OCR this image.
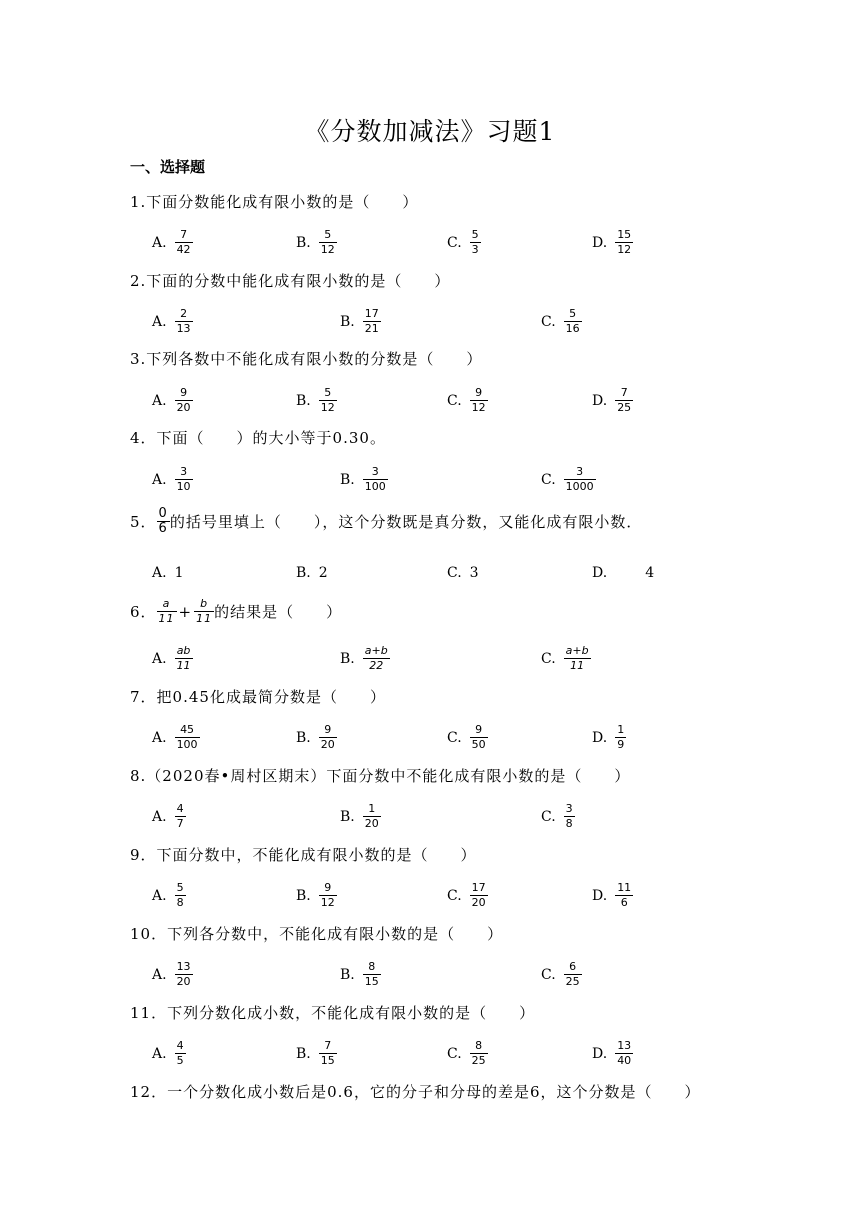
《分数加减法》习题1
一、选择题
1.下面分数能化成有限小数的是（　　）
A. $\frac{7}{42}$	B. $\frac{5}{12}$	C. $\frac{5}{3}$	D. $\frac{15}{12}$
2.下面的分数中能化成有限小数的是（　　）
A. $\frac{2}{13}$	B. $\frac{17}{21}$	C. $\frac{5}{16}$
3.下列各数中不能化成有限小数的分数是（　　）
A. $\frac{9}{20}$	B. $\frac{5}{12}$	C. $\frac{9}{12}$	D. $\frac{7}{25}$
4．下面（　　）的大小等于0.30。
A. $\frac{3}{10}$	B. $\frac{3}{100}$	C. $\frac{3}{1000}$
5． $\frac{0}{6}$ 的括号里填上（　　），这个分数既是真分数，又能化成有限小数．
A. 1	B. 2	C. 3	D.	4
6． $\frac{a}{11} + \frac{b}{11}$ 的结果是（　　）
A. $\frac{ab}{11}$	B. $\frac{a+b}{22}$	C. $\frac{a+b}{11}$
7．把0.45化成最简分数是（　　）
A. $\frac{45}{100}$	B. $\frac{9}{20}$	C. $\frac{9}{50}$	D. $\frac{1}{9}$
8.（2020春•周村区期末）下面分数中不能化成有限小数的是（　　）
A. $\frac{4}{7}$	B. $\frac{1}{20}$	C. $\frac{3}{8}$
9．下面分数中，不能化成有限小数的是（　　）
A. $\frac{5}{8}$	B. $\frac{9}{12}$	C. $\frac{17}{20}$	D. $\frac{11}{6}$
10．下列各分数中，不能化成有限小数的是（　　）
A. $\frac{13}{20}$	B. $\frac{8}{15}$	C. $\frac{6}{25}$
11．下列分数化成小数，不能化成有限小数的是（　　）
A. $\frac{4}{5}$	B. $\frac{7}{15}$	C. $\frac{8}{25}$	D. $\frac{13}{40}$
12．一个分数化成小数后是0.6，它的分子和分母的差是6，这个分数是（　　）
